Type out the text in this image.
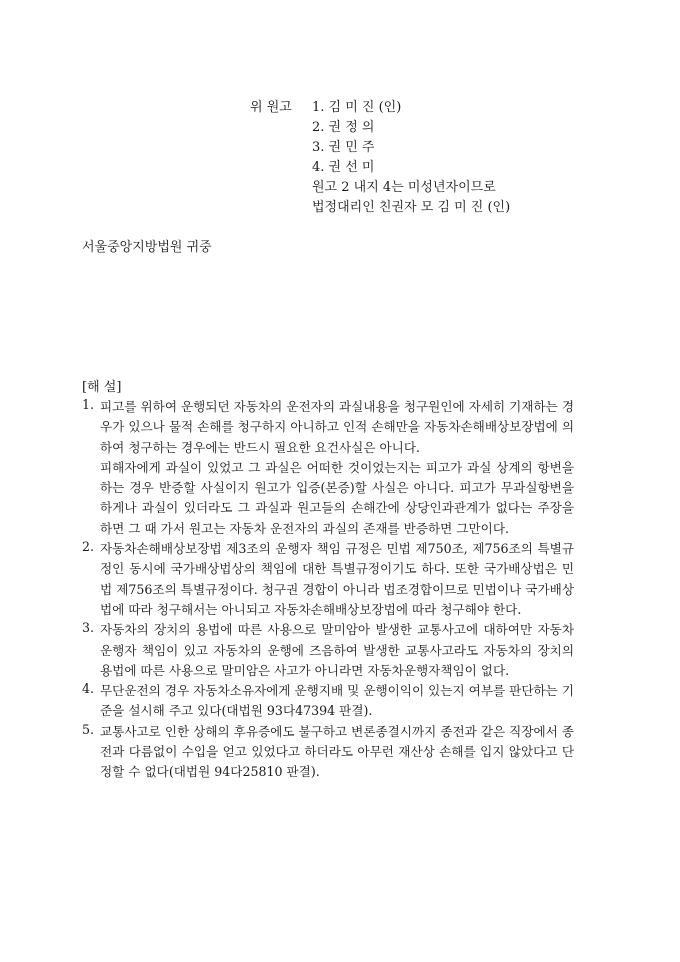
위 원고 1. 김 미 진 (인)
2. 권 정 의
3. 권 민 주
4. 권 선 미
원고 2 내지 4는 미성년자이므로
법정대리인 친권자 모 김 미 진 (인)
서울중앙지방법원 귀중
[해 설]
1. 피고를 위하여 운행되던 자동차의 운전자의 과실내용을 청구원인에 자세히 기재하는 경우가 있으나 물적 손해를 청구하지 아니하고 인적 손해만을 자동차손해배상보장법에 의하여 청구하는 경우에는 반드시 필요한 요건사실은 아니다.

피해자에게 과실이 있었고 그 과실은 어떠한 것이었는지는 피고가 과실 상계의 항변을 하는 경우 반증할 사실이지 원고가 입증(본증)할 사실은 아니다. 피고가 무과실항변을 하게나 과실이 있더라도 그 과실과 원고들의 손해간에 상당인과관계가 없다는 주장을 하면 그 때 가서 원고는 자동차 운전자의 과실의 존재를 반증하면 그만이다.

2. 자동차손해배상보장법 제3조의 운행자 책임 규정은 민법 제750조, 제756조의 특별규정인 동시에 국가배상법상의 책임에 대한 특별규정이기도 하다. 또한 국가배상법은 민법 제756조의 특별규정이다. 청구권 경합이 아니라 법조경합이므로 민법이나 국가배상법에 따라 청구해서는 아니되고 자동차손해배상보장법에 따라 청구해야 한다.

3. 자동차의 장치의 용법에 따른 사용으로 말미암아 발생한 교통사고에 대하여만 자동차 운행자 책임이 있고 자동차의 운행에 즈음하여 발생한 교통사고라도 자동차의 장치의 용법에 따른 사용으로 말미암은 사고가 아니라면 자동차운행자책임이 없다.

4. 무단운전의 경우 자동차소유자에게 운행지배 및 운행이익이 있는지 여부를 판단하는 기준을 설시해 주고 있다(대법원 93다47394 판결).

5. 교통사고로 인한 상해의 후유증에도 불구하고 변론종결시까지 종전과 같은 직장에서 종전과 다름없이 수입을 얻고 있었다고 하더라도 아무런 재산상 손해를 입지 않았다고 단정할 수 없다(대법원 94다25810 판결).
